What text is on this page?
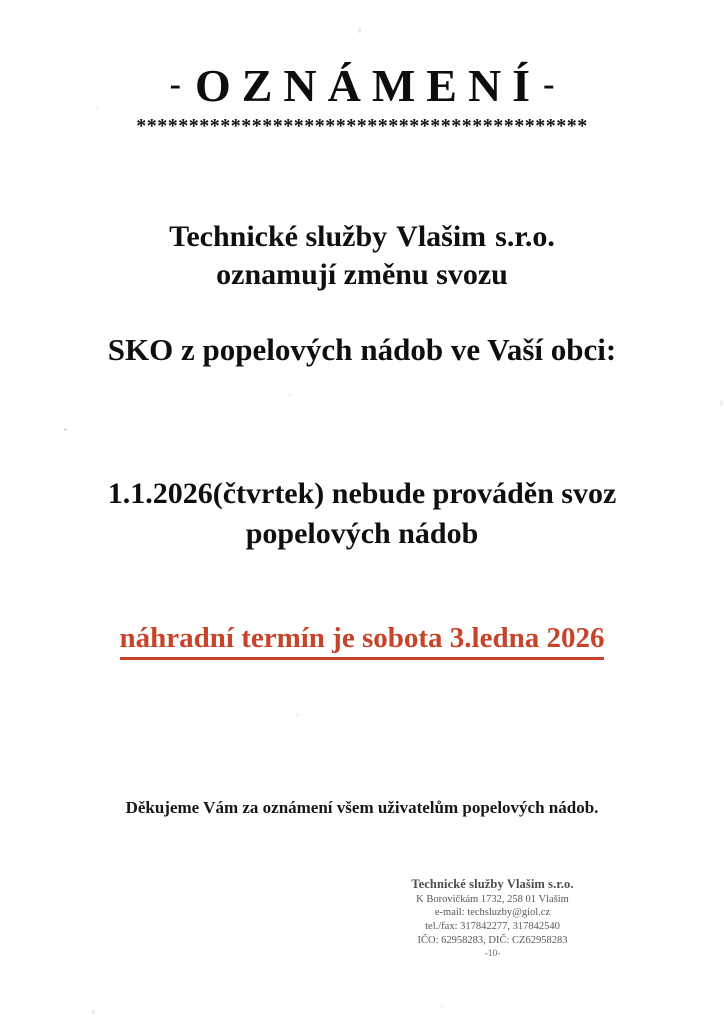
- OZNÁMENÍ-
*******************************************
Technické služby Vlašim s.r.o.
oznamují změnu svozu
SKO z popelových nádob ve Vaší obci:
1.1.2026(čtvrtek) nebude prováděn svoz
popelových nádob
náhradní termín je sobota 3.ledna 2026
Děkujeme Vám za oznámení všem uživatelům popelových nádob.
Technické služby Vlašim s.r.o.
K Borovičkám 1732, 258 01 Vlašim
e-mail: techsluzby@giol.cz
tel./fax: 317842277, 317842540
IČO: 62958283, DIČ: CZ62958283
-10-
